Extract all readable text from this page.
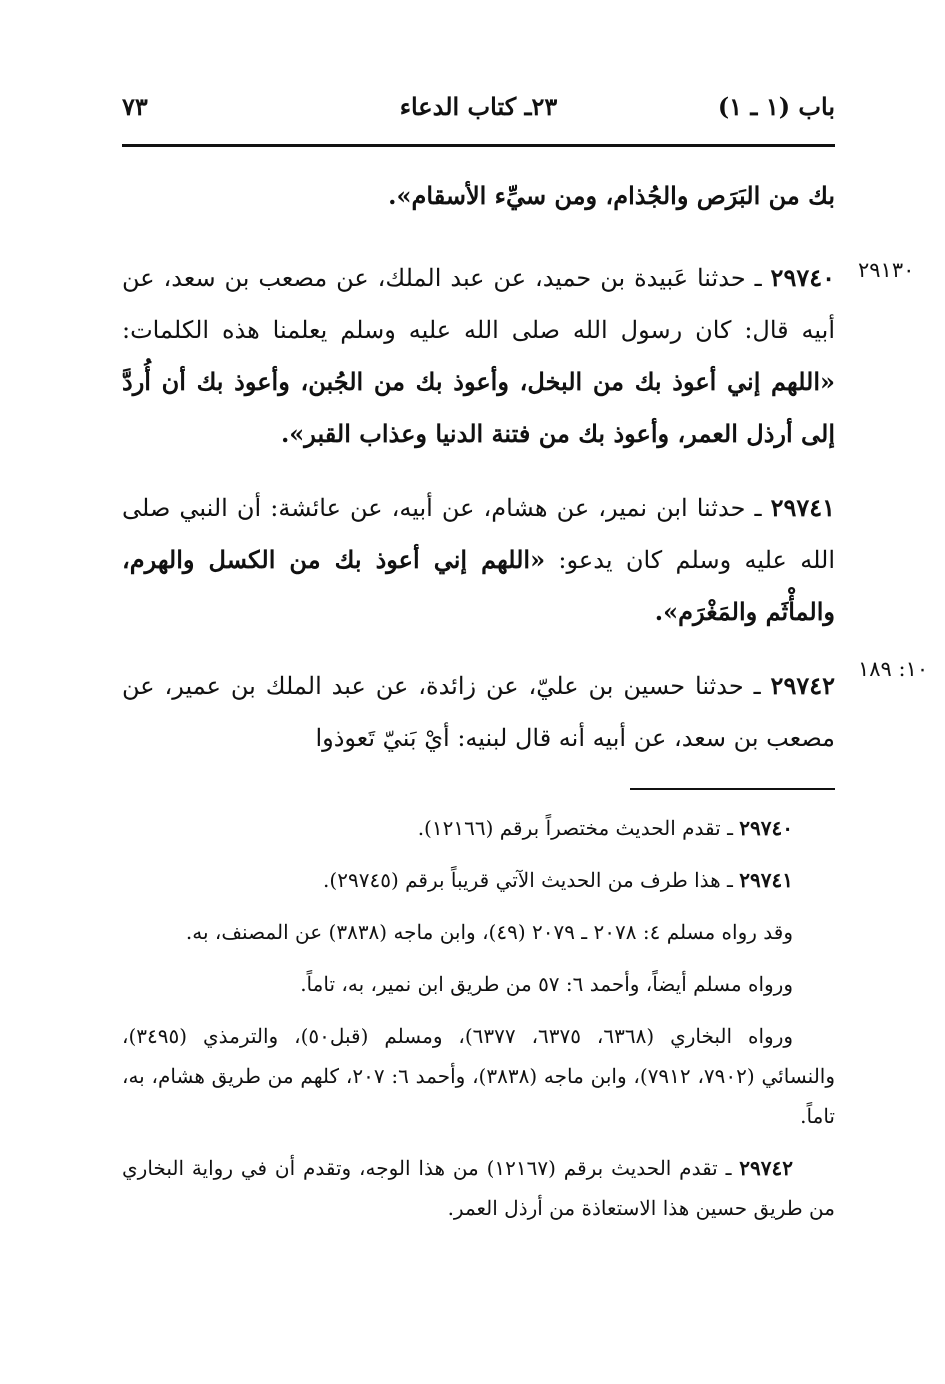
باب (١ ـ ١)
٢٣ـ كتاب الدعاء
٧٣
٢٩١٣٠
١٠: ١٨٩

بك من البَرَص والجُذام، ومن سيِّء الأسقام».

٢٩٧٤٠ ـ حدثنا عَبيدة بن حميد، عن عبد الملك، عن مصعب بن سعد، عن أبيه قال: كان رسول الله صلى الله عليه وسلم يعلمنا هذه الكلمات: «اللهم إني أعوذ بك من البخل، وأعوذ بك من الجُبن، وأعوذ بك أن أُردَّ إلى أرذل العمر، وأعوذ بك من فتنة الدنيا وعذاب القبر».

٢٩٧٤١ ـ حدثنا ابن نمير، عن هشام، عن أبيه، عن عائشة: أن النبي صلى الله عليه وسلم كان يدعو: «اللهم إني أعوذ بك من الكسل والهرم، والمأْثَم والمَغْرَم».

٢٩٧٤٢ ـ حدثنا حسين بن عليّ، عن زائدة، عن عبد الملك بن عمير، عن مصعب بن سعد، عن أبيه أنه قال لبنيه: أيْ بَنيّ تَعوذوا

٢٩٧٤٠ ـ تقدم الحديث مختصراً برقم (١٢١٦٦).

٢٩٧٤١ ـ هذا طرف من الحديث الآتي قريباً برقم (٢٩٧٤٥).

وقد رواه مسلم ٤: ٢٠٧٨ ـ ٢٠٧٩ (٤٩)، وابن ماجه (٣٨٣٨) عن المصنف، به.

ورواه مسلم أيضاً، وأحمد ٦: ٥٧ من طريق ابن نمير، به، تاماً.

ورواه البخاري (٦٣٦٨، ٦٣٧٥، ٦٣٧٧)، ومسلم (قبل٥٠)، والترمذي (٣٤٩٥)، والنسائي (٧٩٠٢، ٧٩١٢)، وابن ماجه (٣٨٣٨)، وأحمد ٦: ٢٠٧، كلهم من طريق هشام، به، تاماً.

٢٩٧٤٢ ـ تقدم الحديث برقم (١٢١٦٧) من هذا الوجه، وتقدم أن في رواية البخاري من طريق حسين هذا الاستعاذة من أرذل العمر.
